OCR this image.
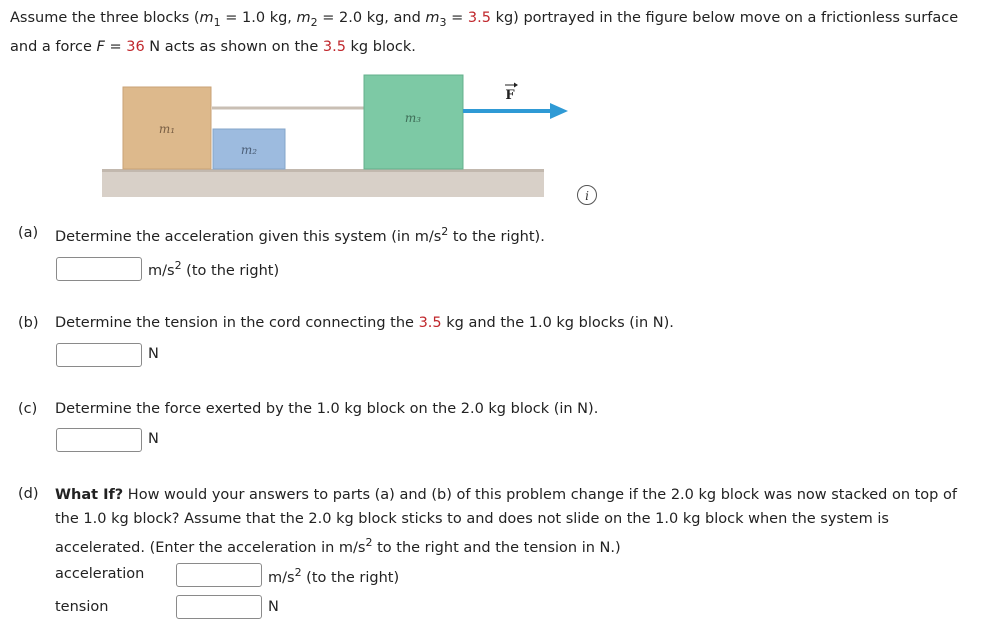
Assume the three blocks ($m_1 = 1.0$ kg, $m_2 = 2.0$ kg, and $m_3 = 3.5$ kg) portrayed in the figure below move on a frictionless surface and a force F = 36 N acts as shown on the 3.5 kg block.
m₁
m₂
m₃
F
i
(a)	Determine the acceleration given this system (in $m/s^2$ to the right).
$m/s^2$ (to the right)
(b)	Determine the tension in the cord connecting the 3.5 kg and the 1.0 kg blocks (in N).
N
(c)	Determine the force exerted by the 1.0 kg block on the 2.0 kg block (in N).
N
(d)	What If? How would your answers to parts (a) and (b) of this problem change if the 2.0 kg block was now stacked on top of the 1.0 kg block? Assume that the 2.0 kg block sticks to and does not slide on the 1.0 kg block when the system is accelerated. (Enter the acceleration in $m/s^2$ to the right and the tension in N.)
acceleration	$m/s^2$ (to the right)
tension	N
